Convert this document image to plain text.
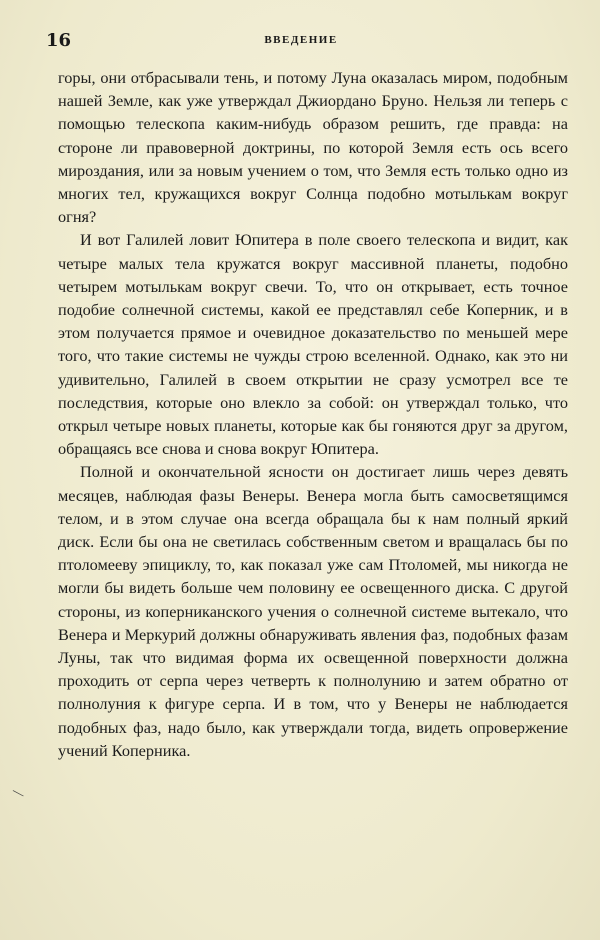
16	ВВЕДЕНИЕ

горы, они отбрасывали тень, и потому Луна оказалась миром, подобным нашей Земле, как уже утверждал Джиордано Бруно. Нельзя ли теперь с помощью телескопа каким-нибудь образом решить, где правда: на стороне ли правоверной доктрины, по которой Земля есть ось всего мироздания, или за новым учением о том, что Земля есть только одно из многих тел, кружащихся вокруг Солнца подобно мотылькам вокруг огня?

И вот Галилей ловит Юпитера в поле своего телескопа и видит, как четыре малых тела кружатся вокруг массивной планеты, подобно четырем мотылькам вокруг свечи. То, что он открывает, есть точное подобие солнечной системы, какой ее представлял себе Коперник, и в этом получается прямое и очевидное доказательство по меньшей мере того, что такие системы не чужды строю вселенной. Однако, как это ни удивительно, Галилей в своем открытии не сразу усмотрел все те последствия, которые оно влекло за собой: он утверждал только, что открыл четыре новых планеты, которые как бы гоняются друг за другом, обращаясь все снова и снова вокруг Юпитера.

Полной и окончательной ясности он достигает лишь через девять месяцев, наблюдая фазы Венеры. Венера могла быть самосветящимся телом, и в этом случае она всегда обращала бы к нам полный яркий диск. Если бы она не светилась собственным светом и вращалась бы по птоломееву эпициклу, то, как показал уже сам Птоломей, мы никогда не могли бы видеть больше чем половину ее освещенного диска. С другой стороны, из коперниканского учения о солнечной системе вытекало, что Венера и Меркурий должны обнаруживать явления фаз, подобных фазам Луны, так что видимая форма их освещенной поверхности должна проходить от серпа через четверть к полнолунию и затем обратно от полнолуния к фигуре серпа. И в том, что у Венеры не наблюдается подобных фаз, надо было, как утверждали тогда, видеть опровержение учений Коперника.

╲
